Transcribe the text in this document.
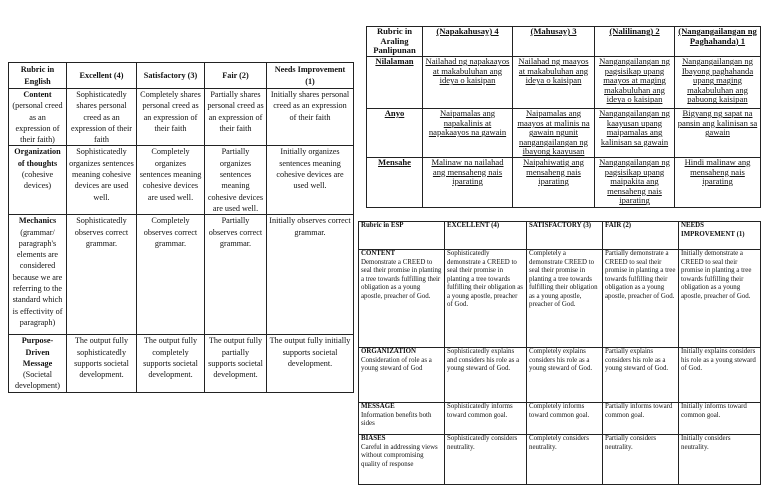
Rubric in English	Excellent (4)	Satisfactory (3)	Fair (2)	Needs Improvement (1)

Content
(personal creed as an expression of their faith)	Sophisticatedly shares personal creed as an expression of their faith	Completely shares personal creed as an expression of their faith	Partially shares personal creed as an expression of their faith	Initially shares personal creed as an expression of their faith

Organization of thoughts
(cohesive devices)	Sophisticatedly organizes sentences meaning cohesive devices are used well.	Completely organizes sentences meaning cohesive devices are used well.	Partially organizes sentences meaning cohesive devices are used well.	Initially organizes sentences meaning cohesive devices are used well.

Mechanics
(grammar/ paragraph's elements are considered because we are referring to the standard which is effectivity of paragraph)	Sophisticatedly observes correct grammar.	Completely observes correct grammar.	Partially observes correct grammar.	Initially observes correct grammar.

Purpose-Driven Message
(Societal development)	The output fully sophisticatedly supports societal development.	The output fully completely supports societal development.	The output fully partially supports societal development.	The output fully initially supports societal development.
Rubric in Araling Panlipunan	(Napakahusay) 4	(Mahusay) 3	(Nalilinang) 2	(Nangangailangan ng Paghahanda) 1
Nilalaman	Nailahad ng napakaayos at makabuluhan ang ideya o kaisipan	Nailahad ng maayos at makabuluhan ang ideya o kaisipan	Nangangailangan ng pagsisikap upang maayos at maging makabuluhan ang ideya o kaisipan	Nangangailangan ng Ibayong paghahanda upang maging makabuluhan ang pabuong kaisipan
Anyo	Naipamalas ang napakalinis at napakaayos na gawain	Naipamalas ang maayos at malinis na gawain ngunit nangangailangan ng ibayong kaayusan	Nangangailangan ng kaayusan upang maipamalas ang kalinisan sa gawain	Bigyang ng sapat na pansin ang kalinisan sa gawain
Mensahe	Malinaw na nailahad ang mensaheng nais iparating	Naipahiwatig ang mensaheng nais iparating	Nangangailangan ng pagsisikap upang maipakita ang mensaheng nais iparating	Hindi malinaw ang mensaheng nais iparating
Rubric in ESP	EXCELLENT (4)	SATISFACTORY (3)	FAIR (2)	NEEDS IMPROVEMENT (1)

CONTENT
Demonstrate a CREED to seal their promise in planting a tree towards fulfilling their obligation as a young apostle, preacher of God.	Sophisticatedly demonstrate a CREED to seal their promise in planting a tree towards fulfilling their obligation as a young apostle, preacher of God.	Completely a demonstrate CREED to seal their promise in planting a tree towards fulfilling their obligation as a young apostle, preacher of God.	Partially demonstrate a CREED to seal their promise in planting a tree towards fulfilling their obligation as a young apostle, preacher of God.	Initially demonstrate a CREED to seal their promise in planting a tree towards fulfilling their obligation as a young apostle, preacher of God.

ORGANIZATION
Consideration of role as a young steward of God	Sophisticatedly explains and considers his role as a young steward of God.	Completely explains considers his role as a young steward of God.	Partially explains considers his role as a young steward of God.	Initially explains considers his role as a young steward of God.

MESSAGE
Information benefits both sides	Sophisticatedly informs toward common goal.	Completely informs toward common goal.	Partially informs toward common goal.	Initially informs toward common goal.

BIASES
Careful in addressing views without compromising quality of response	Sophisticatedly considers neutrality.	Completely considers neutrality.	Partially considers neutrality.	Initially considers neutrality.
